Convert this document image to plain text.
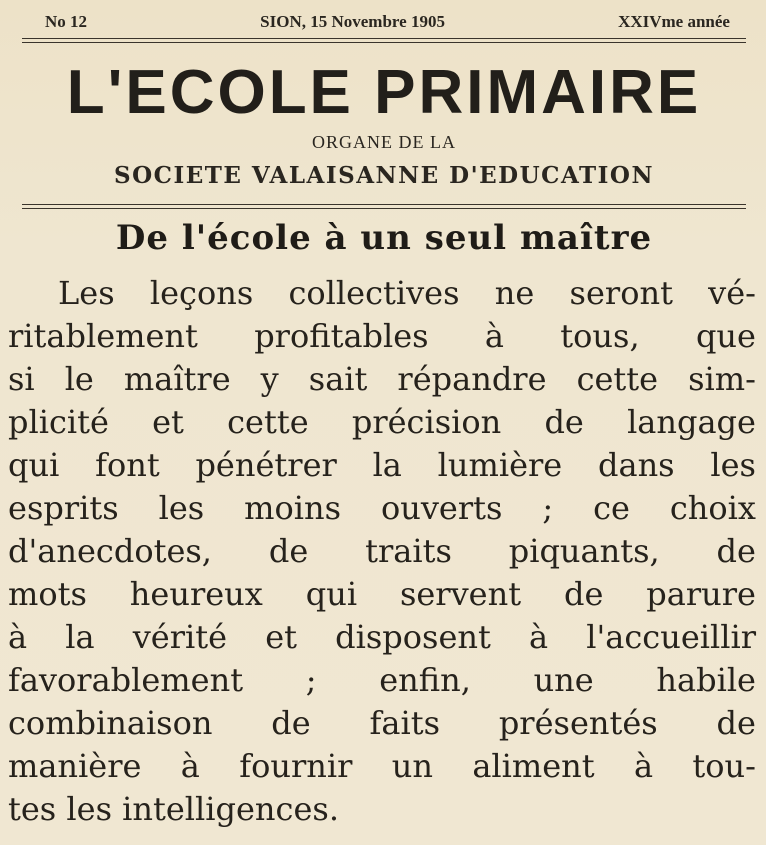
No 12	SION, 15 Novembre 1905	XXIVme année
L'ECOLE PRIMAIRE
ORGANE DE LA
SOCIETE VALAISANNE D'EDUCATION
De l'école à un seul maître
Les leçons collectives ne seront vé-
ritablement profitables à tous, que
si le maître y sait répandre cette sim-
plicité et cette précision de langage
qui font pénétrer la lumière dans les
esprits les moins ouverts ; ce choix
d'anecdotes, de traits piquants, de
mots heureux qui servent de parure
à la vérité et disposent à l'accueillir
favorablement ; enfin, une habile
combinaison de faits présentés de
manière à fournir un aliment à tou-
tes les intelligences.
